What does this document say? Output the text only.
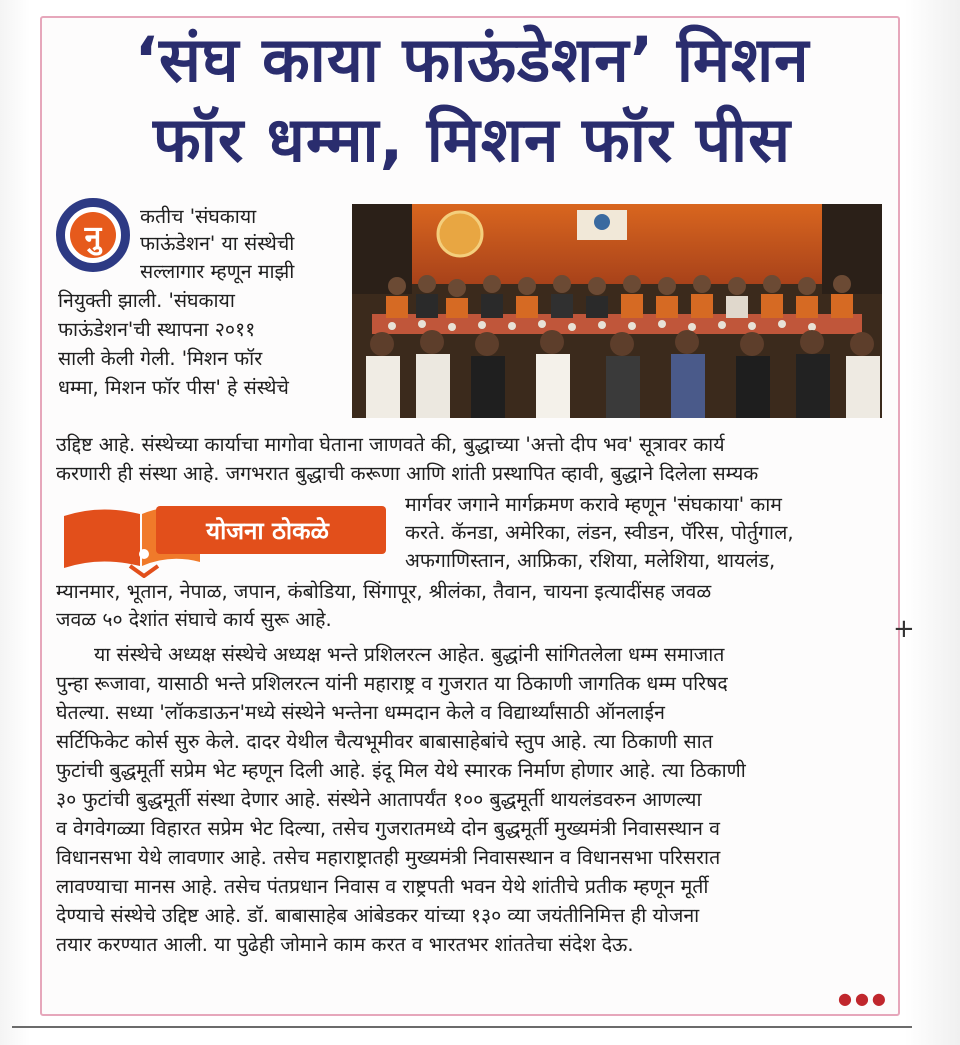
‘संघ काया फाऊंडेशन’ मिशन
फॉर धम्मा, मिशन फॉर पीस
नु
कतीच 'संघकाया
फाऊंडेशन' या संस्थेची
सल्लागार म्हणून माझी
नियुक्ती झाली. 'संघकाया
फाऊंडेशन'ची स्थापना २०११
साली केली गेली. 'मिशन फॉर
धम्मा, मिशन फॉर पीस' हे संस्थेचे
उद्दिष्ट आहे. संस्थेच्या कार्याचा मागोवा घेताना जाणवते की, बुद्धाच्या 'अत्तो दीप भव' सूत्रावर कार्य
करणारी ही संस्था आहे. जगभरात बुद्धाची करूणा आणि शांती प्रस्थापित व्हावी, बुद्धाने दिलेला सम्यक
योजना ठोकळे
मार्गवर जगाने मार्गक्रमण करावे म्हणून 'संघकाया' काम
करते. कॅनडा, अमेरिका, लंडन, स्वीडन, पॅरिस, पोर्तुगाल,
अफगाणिस्तान, आफ्रिका, रशिया, मलेशिया, थायलंड,
म्यानमार, भूतान, नेपाळ, जपान, कंबोडिया, सिंगापूर, श्रीलंका, तैवान, चायना इत्यादींसह जवळ
जवळ ५० देशांत संघाचे कार्य सुरू आहे.
या संस्थेचे अध्यक्ष संस्थेचे अध्यक्ष भन्ते प्रशिलरत्न आहेत. बुद्धांनी सांगितलेला धम्म समाजात
पुन्हा रूजावा, यासाठी भन्ते प्रशिलरत्न यांनी महाराष्ट्र व गुजरात या ठिकाणी जागतिक धम्म परिषद
घेतल्या. सध्या 'लॉकडाऊन'मध्ये संस्थेने भन्तेना धम्मदान केले व विद्यार्थ्यांसाठी ऑनलाईन
सर्टिफिकेट कोर्स सुरु केले. दादर येथील चैत्यभूमीवर बाबासाहेबांचे स्तुप आहे. त्या ठिकाणी सात
फुटांची बुद्धमूर्ती सप्रेम भेट म्हणून दिली आहे. इंदू मिल येथे स्मारक निर्माण होणार आहे. त्या ठिकाणी
३० फुटांची बुद्धमूर्ती संस्था देणार आहे. संस्थेने आतापर्यंत १०० बुद्धमूर्ती थायलंडवरुन आणल्या
व वेगवेगळ्या विहारत सप्रेम भेट दिल्या, तसेच गुजरातमध्ये दोन बुद्धमूर्ती मुख्यमंत्री निवासस्थान व
विधानसभा येथे लावणार आहे. तसेच महाराष्ट्रातही मुख्यमंत्री निवासस्थान व विधानसभा परिसरात
लावण्याचा मानस आहे. तसेच पंतप्रधान निवास व राष्ट्रपती भवन येथे शांतीचे प्रतीक म्हणून मूर्ती
देण्याचे संस्थेचे उद्दिष्ट आहे. डॉ. बाबासाहेब आंबेडकर यांच्या १३० व्या जयंतीनिमित्त ही योजना
तयार करण्यात आली. या पुढेही जोमाने काम करत व भारतभर शांततेचा संदेश देऊ.
●●●
+
